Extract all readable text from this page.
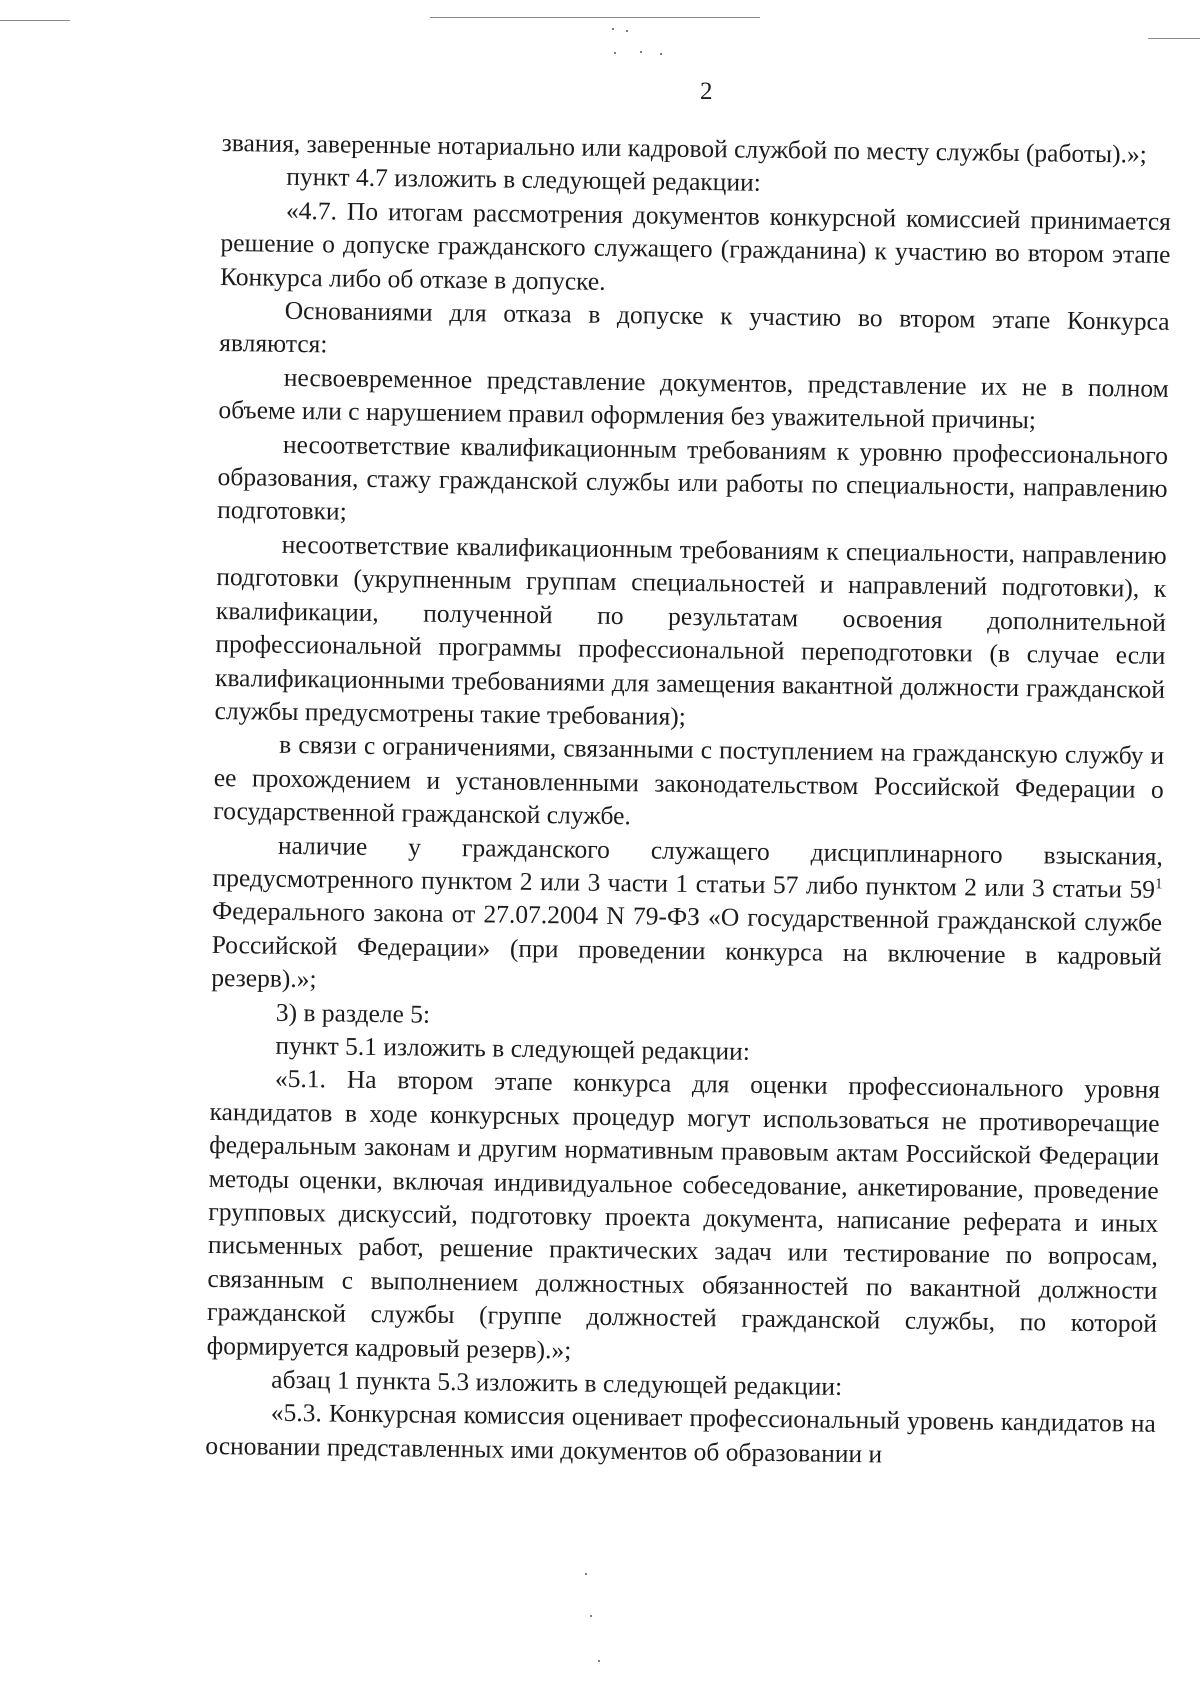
2

звания, заверенные нотариально или кадровой службой по месту службы (работы).»;

пункт 4.7 изложить в следующей редакции:

«4.7. По итогам рассмотрения документов конкурсной комиссией принимается решение о допуске гражданского служащего (гражданина) к участию во втором этапе Конкурса либо об отказе в допуске.

Основаниями для отказа в допуске к участию во втором этапе Конкурса являются:

несвоевременное представление документов, представление их не в полном объеме или с нарушением правил оформления без уважительной причины;

несоответствие квалификационным требованиям к уровню профессионального образования, стажу гражданской службы или работы по специальности, направлению подготовки;

несоответствие квалификационным требованиям к специальности, направлению подготовки (укрупненным группам специальностей и направлений подготовки), к квалификации, полученной по результатам освоения дополнительной профессиональной программы профессиональной переподготовки (в случае если квалификационными требованиями для замещения вакантной должности гражданской службы предусмотрены такие требования);

в связи с ограничениями, связанными с поступлением на гражданскую службу и ее прохождением и установленными законодательством Российской Федерации о государственной гражданской службе.

наличие у гражданского служащего дисциплинарного взыскания, предусмотренного пунктом 2 или 3 части 1 статьи 57 либо пунктом 2 или 3 статьи $59^1$ Федерального закона от 27.07.2004 N 79-ФЗ «О государственной гражданской службе Российской Федерации» (при проведении конкурса на включение в кадровый резерв).»;

3) в разделе 5:

пункт 5.1 изложить в следующей редакции:

«5.1. На втором этапе конкурса для оценки профессионального уровня кандидатов в ходе конкурсных процедур могут использоваться не противоречащие федеральным законам и другим нормативным правовым актам Российской Федерации методы оценки, включая индивидуальное собеседование, анкетирование, проведение групповых дискуссий, подготовку проекта документа, написание реферата и иных письменных работ, решение практических задач или тестирование по вопросам, связанным с выполнением должностных обязанностей по вакантной должности гражданской службы (группе должностей гражданской службы, по которой формируется кадровый резерв).»;

абзац 1 пункта 5.3 изложить в следующей редакции:

«5.3. Конкурсная комиссия оценивает профессиональный уровень кандидатов на основании представленных ими документов об образовании и
